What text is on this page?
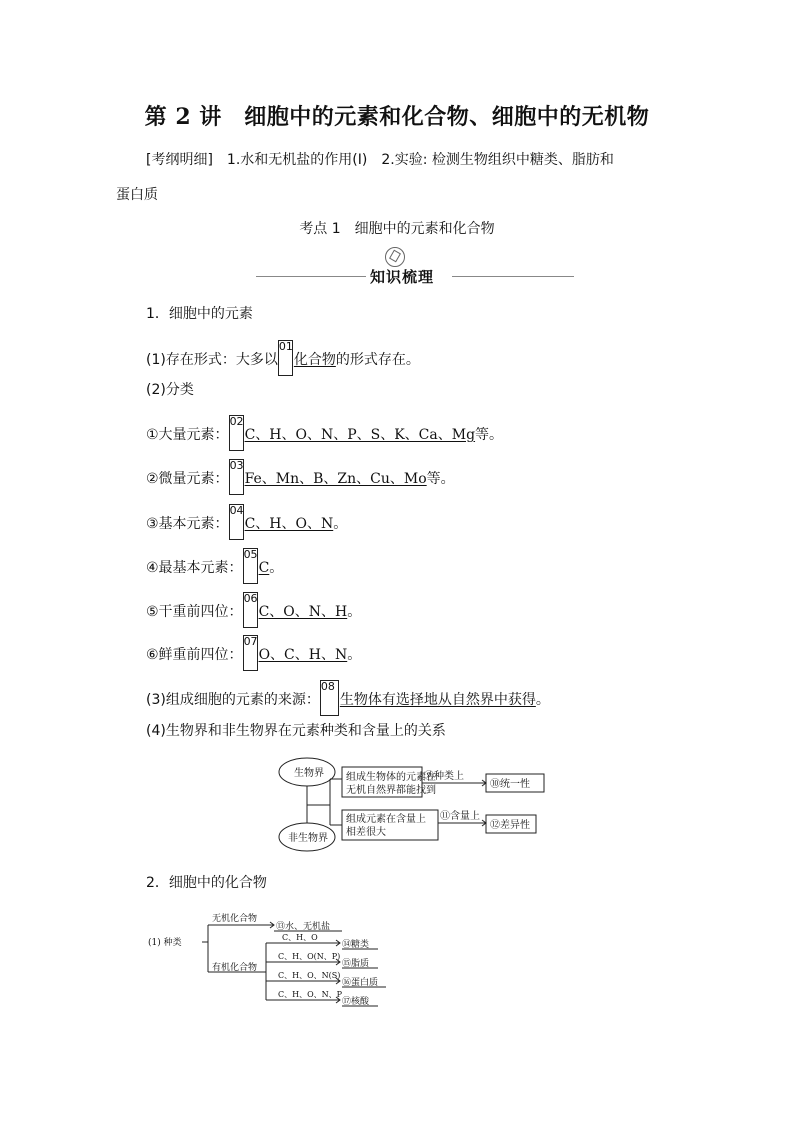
第 2 讲　细胞中的元素和化合物、细胞中的无机物
[考纲明细]　1.水和无机盐的作用(Ⅰ)　2.实验: 检测生物组织中糖类、脂肪和
蛋白质
考点 1　细胞中的元素和化合物
知识梳理
1．细胞中的元素
(1)存在形式：大多以
01
化合物的形式存在。
(2)分类
①大量元素：
02
C、H、O、N、P、S、K、Ca、Mg等。
②微量元素：
03
Fe、Mn、B、Zn、Cu、Mo等。
③基本元素：
04
C、H、O、N。
④最基本元素：
05
C。
⑤干重前四位：
06
C、O、N、H。
⑥鲜重前四位：
07
O、C、H、N。
(3)组成细胞的元素的来源：
08
生物体有选择地从自然界中获得。
(4)生物界和非生物界在元素种类和含量上的关系
生物界
非生物界
组成生物体的元素在
无机自然界都能找到
组成元素在含量上
相差很大
⑨种类上
⑪含量上
⑩统一性
⑫差异性
2．细胞中的化合物
(1) 种类
无机化合物
有机化合物
⑬水、无机盐
C、H、O
⑭糖类
C、H、O(N、P)
⑮脂质
C、H、O、N(S)
⑯蛋白质
C、H、O、N、P
⑰核酸
